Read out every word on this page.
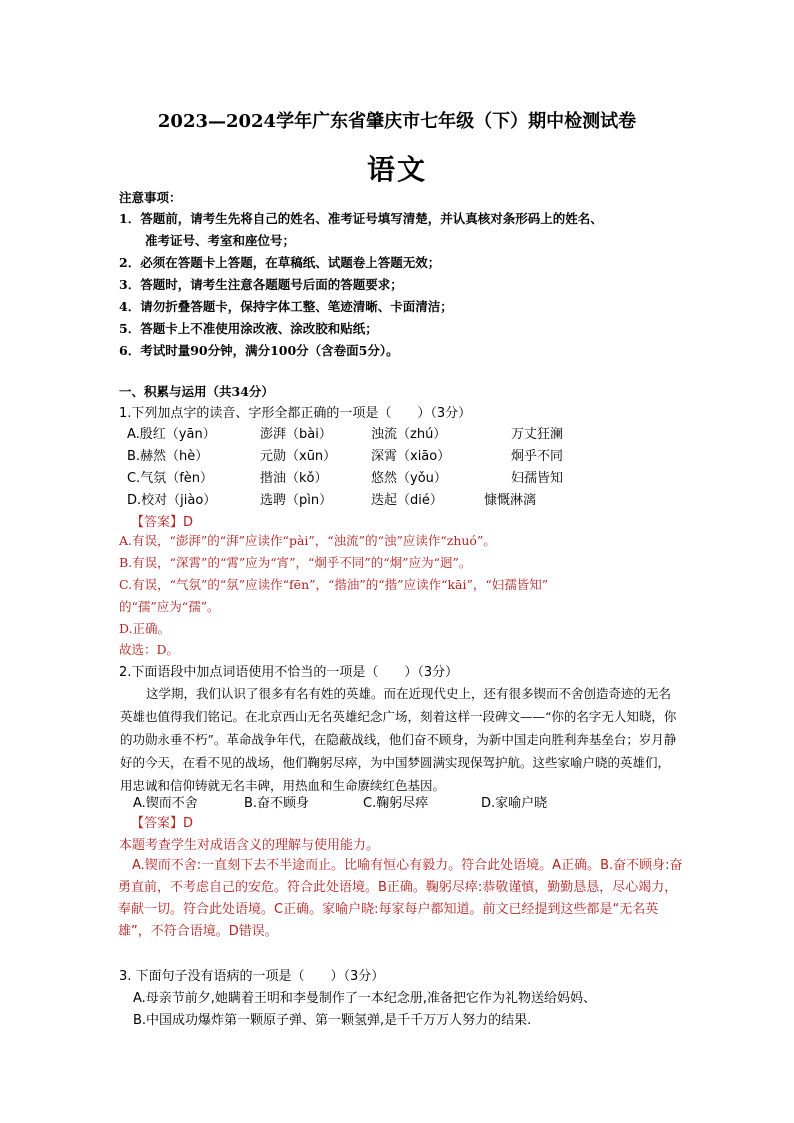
2023—2024学年广东省肇庆市七年级（下）期中检测试卷
语文
注意事项：
1．答题前，请考生先将自己的姓名、准考证号填写清楚，并认真核对条形码上的姓名、
准考证号、考室和座位号；
2．必须在答题卡上答题，在草稿纸、试题卷上答题无效；
3．答题时，请考生注意各题题号后面的答题要求；
4．请勿折叠答题卡，保持字体工整、笔迹清晰、卡面清洁；
5．答题卡上不准使用涂改液、涂改胶和贴纸；
6．考试时量90分钟，满分100分（含卷面5分）。
一、积累与运用（共34分）
1.下列加点字的读音、字形全都正确的一项是（　　）（3分）
A.殷红（yān）	澎湃（bài）	浊流（zhú）	万丈狂澜
B.赫然（hè）	元勋（xūn）	深霄（xiāo）	炯乎不同
C.气氛（fèn）	揩油（kǒ）	悠然（yǒu）	妇孺皆知
D.校对（jiào）	选聘（pìn）	迭起（dié）	慷慨淋漓
【答案】D
A.有误，“澎湃”的“湃”应读作“pài”，“浊流”的“浊”应读作“zhuó”。
B.有误，“深霄”的“霄”应为“宵”，“炯乎不同”的“炯”应为“迥”。
C.有误，“气氛”的“氛”应读作“fēn”，“揩油”的“揩”应读作“kāi”，“妇孺皆知”
的“孺”应为“孺”。
D.正确。
故选：D。
2.下面语段中加点词语使用不恰当的一项是（　　）（3分）
这学期，我们认识了很多有名有姓的英雄。而在近现代史上，还有很多锲而不舍创造奇迹的无名英雄也值得我们铭记。在北京西山无名英雄纪念广场，刻着这样一段碑文——“你的名字无人知晓，你的功勋永垂不朽”。革命战争年代，在隐蔽战线，他们奋不顾身，为新中国走向胜利奔基垒台；岁月静好的今天，在看不见的战场，他们鞠躬尽瘁，为中国梦圆满实现保驾护航。这些家喻户晓的英雄们，用忠诚和信仰铸就无名丰碑，用热血和生命赓续红色基因。
A.锲而不舍	B.奋不顾身	C.鞠躬尽瘁	D.家喻户晓
【答案】D
本题考查学生对成语含义的理解与使用能力。
A.锲而不舍:一直刻下去不半途而止。比喻有恒心有毅力。符合此处语境。A正确。B.奋不顾身:奋勇直前，不考虑自己的安危。符合此处语境。B正确。鞠躬尽瘁:恭敬谨慎，勤勤恳恳，尽心竭力，奉献一切。符合此处语境。C正确。家喻户晓:每家每户都知道。前文已经提到这些都是“无名英雄”，不符合语境。D错误。
3. 下面句子没有语病的一项是（　　）（3分）
A.母亲节前夕,她瞒着王明和李曼制作了一本纪念册,准备把它作为礼物送给妈妈、
B.中国成功爆炸第一颗原子弹、第一颗氢弹,是千千万万人努力的结果.
